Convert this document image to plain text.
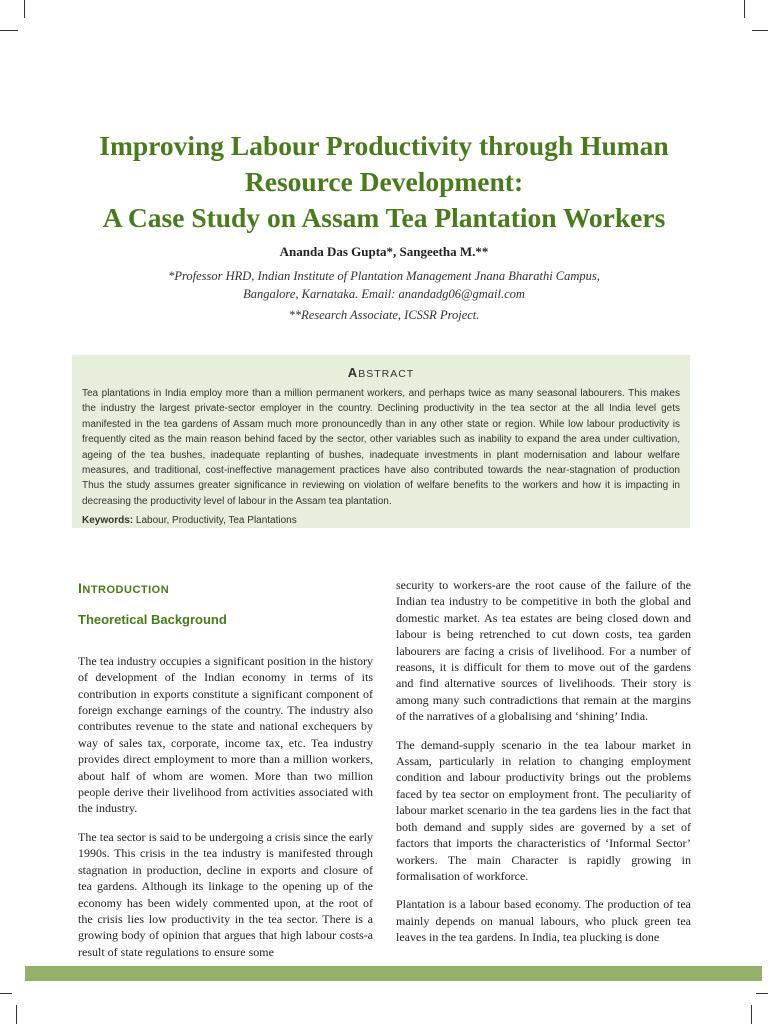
Improving Labour Productivity through Human
Resource Development:
A Case Study on Assam Tea Plantation Workers
Ananda Das Gupta*, Sangeetha M.**
*Professor HRD, Indian Institute of Plantation Management Jnana Bharathi Campus,
Bangalore, Karnataka. Email: anandadg06@gmail.com
**Research Associate, ICSSR Project.
ABSTRACT
Tea plantations in India employ more than a million permanent workers, and perhaps twice as many seasonal labourers. This makes the industry the largest private-sector employer in the country. Declining productivity in the tea sector at the all India level gets manifested in the tea gardens of Assam much more pronouncedly than in any other state or region. While low labour productivity is frequently cited as the main reason behind faced by the sector, other variables such as inability to expand the area under cultivation, ageing of the tea bushes, inadequate replanting of bushes, inadequate investments in plant modernisation and labour welfare measures, and traditional, cost-ineffective management practices have also contributed towards the near-stagnation of production Thus the study assumes greater significance in reviewing on violation of welfare benefits to the workers and how it is impacting in decreasing the productivity level of labour in the Assam tea plantation.
Keywords: Labour, Productivity, Tea Plantations
INTRODUCTION
Theoretical Background

The tea industry occupies a significant position in the history of development of the Indian economy in terms of its contribution in exports constitute a significant component of foreign exchange earnings of the country. The industry also contributes revenue to the state and national exchequers by way of sales tax, corporate, income tax, etc. Tea industry provides direct employment to more than a million workers, about half of whom are women. More than two million people derive their livelihood from activities associated with the industry.

The tea sector is said to be undergoing a crisis since the early 1990s. This crisis in the tea industry is manifested through stagnation in production, decline in exports and closure of tea gardens. Although its linkage to the opening up of the economy has been widely commented upon, at the root of the crisis lies low productivity in the tea sector. There is a growing body of opinion that argues that high labour costs-a result of state regulations to ensure some

security to workers-are the root cause of the failure of the Indian tea industry to be competitive in both the global and domestic market. As tea estates are being closed down and labour is being retrenched to cut down costs, tea garden labourers are facing a crisis of livelihood. For a number of reasons, it is difficult for them to move out of the gardens and find alternative sources of livelihoods. Their story is among many such contradictions that remain at the margins of the narratives of a globalising and ‘shining’ India.

The demand-supply scenario in the tea labour market in Assam, particularly in relation to changing employment condition and labour productivity brings out the problems faced by tea sector on employment front. The peculiarity of labour market scenario in the tea gardens lies in the fact that both demand and supply sides are governed by a set of factors that imports the characteristics of ‘Informal Sector’ workers. The main Character is rapidly growing in formalisation of workforce.

Plantation is a labour based economy. The production of tea mainly depends on manual labours, who pluck green tea leaves in the tea gardens. In India, tea plucking is done
